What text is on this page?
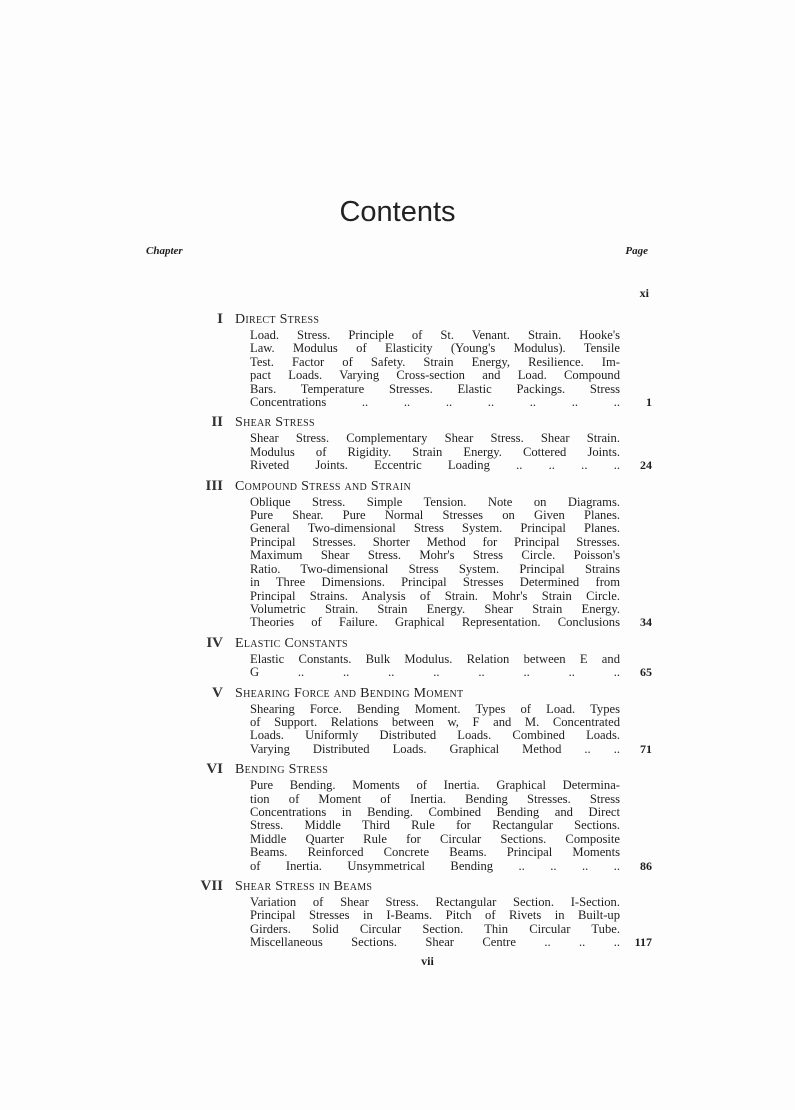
Contents
Chapter	Page
xi
I Direct Stress
Load. Stress. Principle of St. Venant. Strain. Hooke's
Law. Modulus of Elasticity (Young's Modulus). Tensile
Test. Factor of Safety. Strain Energy, Resilience. Im-
pact Loads. Varying Cross-section and Load. Compound
Bars. Temperature Stresses. Elastic Packings. Stress
Concentrations .. .. .. .. .. .. .. 1
II Shear Stress
Shear Stress. Complementary Shear Stress. Shear Strain.
Modulus of Rigidity. Strain Energy. Cottered Joints.
Riveted Joints. Eccentric Loading .. .. .. .. 24
III Compound Stress and Strain
Oblique Stress. Simple Tension. Note on Diagrams.
Pure Shear. Pure Normal Stresses on Given Planes.
General Two-dimensional Stress System. Principal Planes.
Principal Stresses. Shorter Method for Principal Stresses.
Maximum Shear Stress. Mohr's Stress Circle. Poisson's
Ratio. Two-dimensional Stress System. Principal Strains
in Three Dimensions. Principal Stresses Determined from
Principal Strains. Analysis of Strain. Mohr's Strain Circle.
Volumetric Strain. Strain Energy. Shear Strain Energy.
Theories of Failure. Graphical Representation. Conclusions 34
IV Elastic Constants
Elastic Constants. Bulk Modulus. Relation between E and
G .. .. .. .. .. .. .. .. 65
V Shearing Force and Bending Moment
Shearing Force. Bending Moment. Types of Load. Types
of Support. Relations between w, F and M. Concentrated
Loads. Uniformly Distributed Loads. Combined Loads.
Varying Distributed Loads. Graphical Method .. .. 71
VI Bending Stress
Pure Bending. Moments of Inertia. Graphical Determina-
tion of Moment of Inertia. Bending Stresses. Stress
Concentrations in Bending. Combined Bending and Direct
Stress. Middle Third Rule for Rectangular Sections.
Middle Quarter Rule for Circular Sections. Composite
Beams. Reinforced Concrete Beams. Principal Moments
of Inertia. Unsymmetrical Bending .. .. .. .. 86
VII Shear Stress in Beams
Variation of Shear Stress. Rectangular Section. I-Section.
Principal Stresses in I-Beams. Pitch of Rivets in Built-up
Girders. Solid Circular Section. Thin Circular Tube.
Miscellaneous Sections. Shear Centre .. .. .. 117
vii
